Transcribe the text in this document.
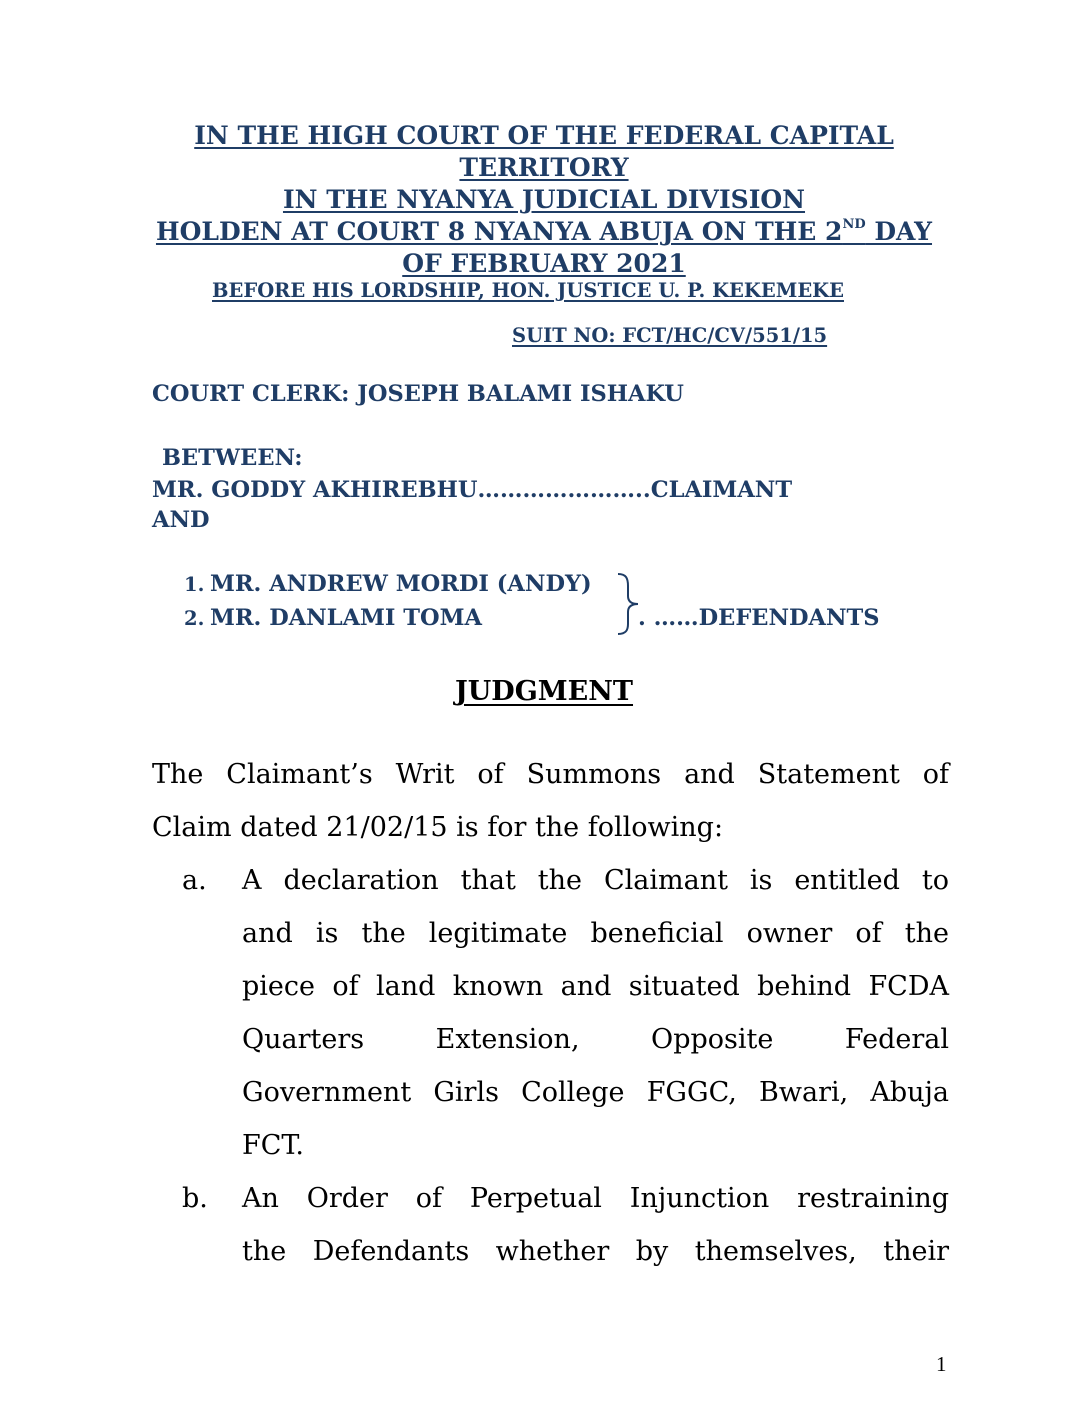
IN THE HIGH COURT OF THE FEDERAL CAPITAL
TERRITORY
IN THE NYANYA JUDICIAL DIVISION
HOLDEN AT COURT 8 NYANYA ABUJA ON THE 2ND DAY
OF FEBRUARY 2021
BEFORE HIS LORDSHIP, HON. JUSTICE U. P. KEKEMEKE
SUIT NO: FCT/HC/CV/551/15
COURT CLERK: JOSEPH BALAMI ISHAKU
BETWEEN:
MR. GODDY AKHIREBHU…………………..CLAIMANT
AND
1. MR. ANDREW MORDI (ANDY)
2. MR. DANLAMI TOMA	. ……DEFENDANTS
JUDGMENT
The Claimant’s Writ of Summons and Statement of
Claim dated 21/02/15 is for the following:
a. A declaration that the Claimant is entitled to
and is the legitimate beneficial owner of the
piece of land known and situated behind FCDA
Quarters Extension, Opposite Federal
Government Girls College FGGC, Bwari, Abuja
FCT.
b. An Order of Perpetual Injunction restraining
the Defendants whether by themselves, their
1
